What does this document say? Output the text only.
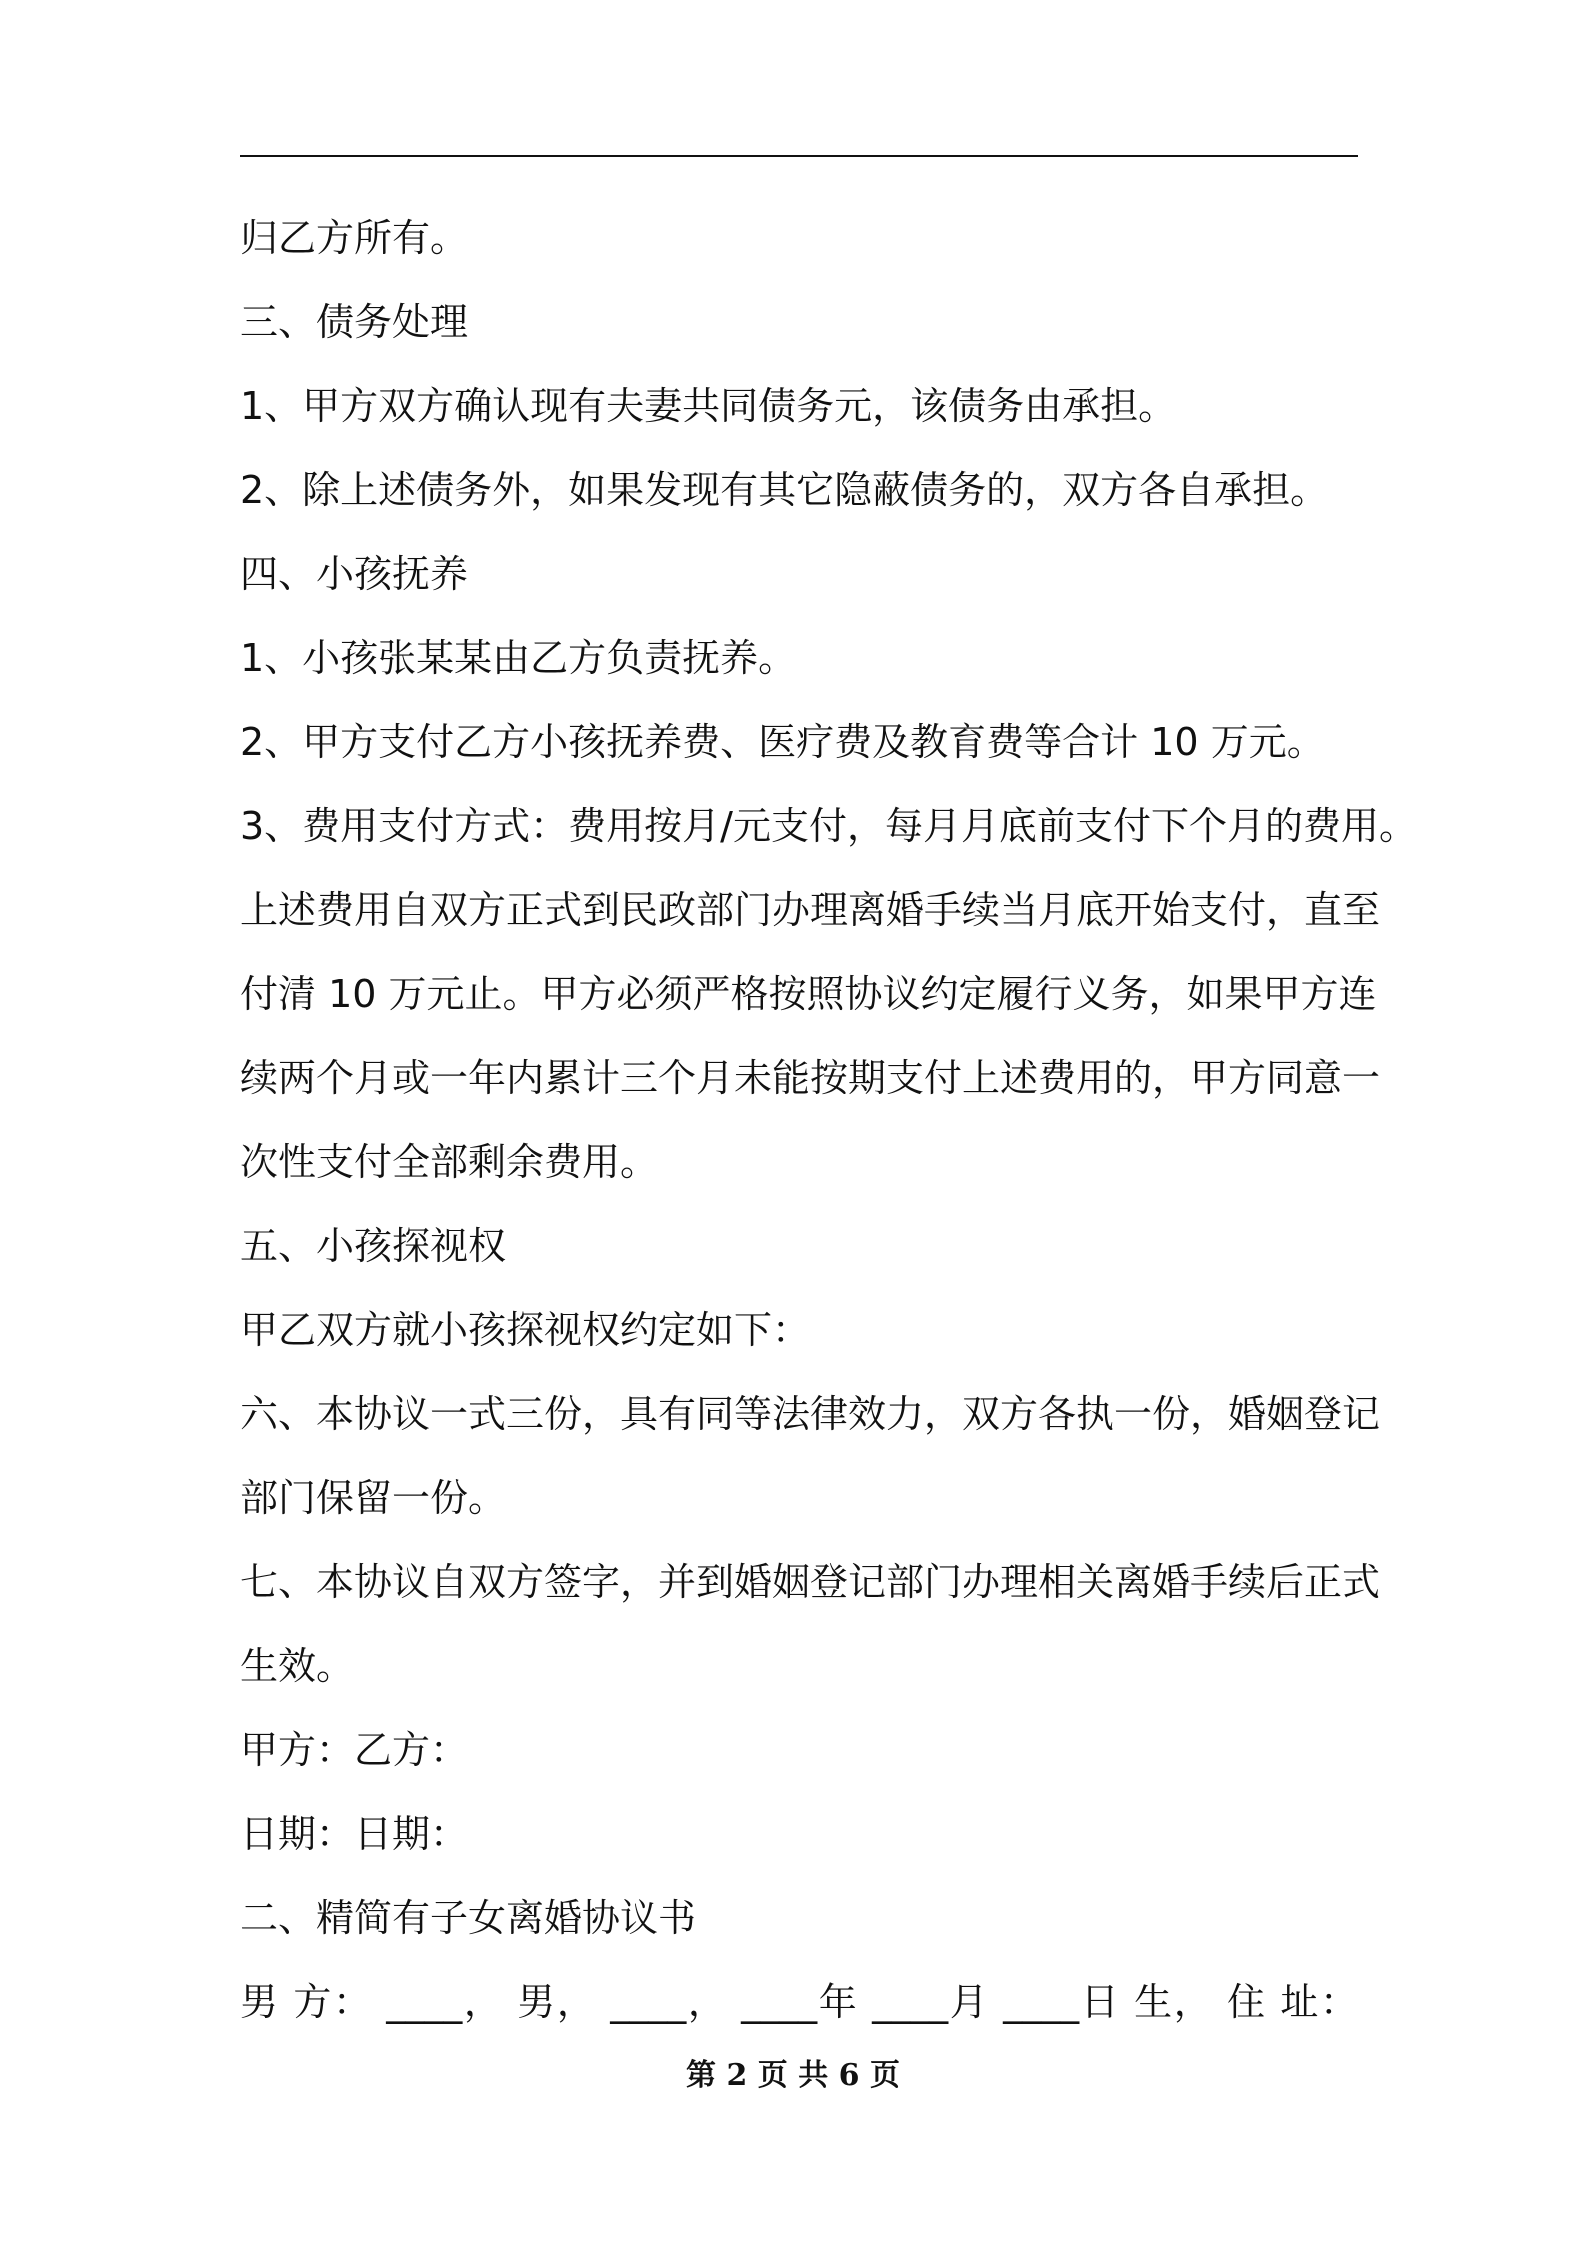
归乙方所有。

三、债务处理

1、甲方双方确认现有夫妻共同债务元，该债务由承担。

2、除上述债务外，如果发现有其它隐蔽债务的，双方各自承担。

四、小孩抚养

1、小孩张某某由乙方负责抚养。

2、甲方支付乙方小孩抚养费、医疗费及教育费等合计 10 万元。

3、费用支付方式：费用按月/元支付，每月月底前支付下个月的费用。

上述费用自双方正式到民政部门办理离婚手续当月底开始支付，直至

付清 10 万元止。甲方必须严格按照协议约定履行义务，如果甲方连

续两个月或一年内累计三个月未能按期支付上述费用的，甲方同意一

次性支付全部剩余费用。

五、小孩探视权

甲乙双方就小孩探视权约定如下：

六、本协议一式三份，具有同等法律效力，双方各执一份，婚姻登记

部门保留一份。

七、本协议自双方签字，并到婚姻登记部门办理相关离婚手续后正式

生效。

甲方：乙方：

日期：日期：

二、精简有子女离婚协议书

男 方： ____， 男， ____， ____年 ____月 ____日 生， 住 址：

第 2 页 共 6 页
